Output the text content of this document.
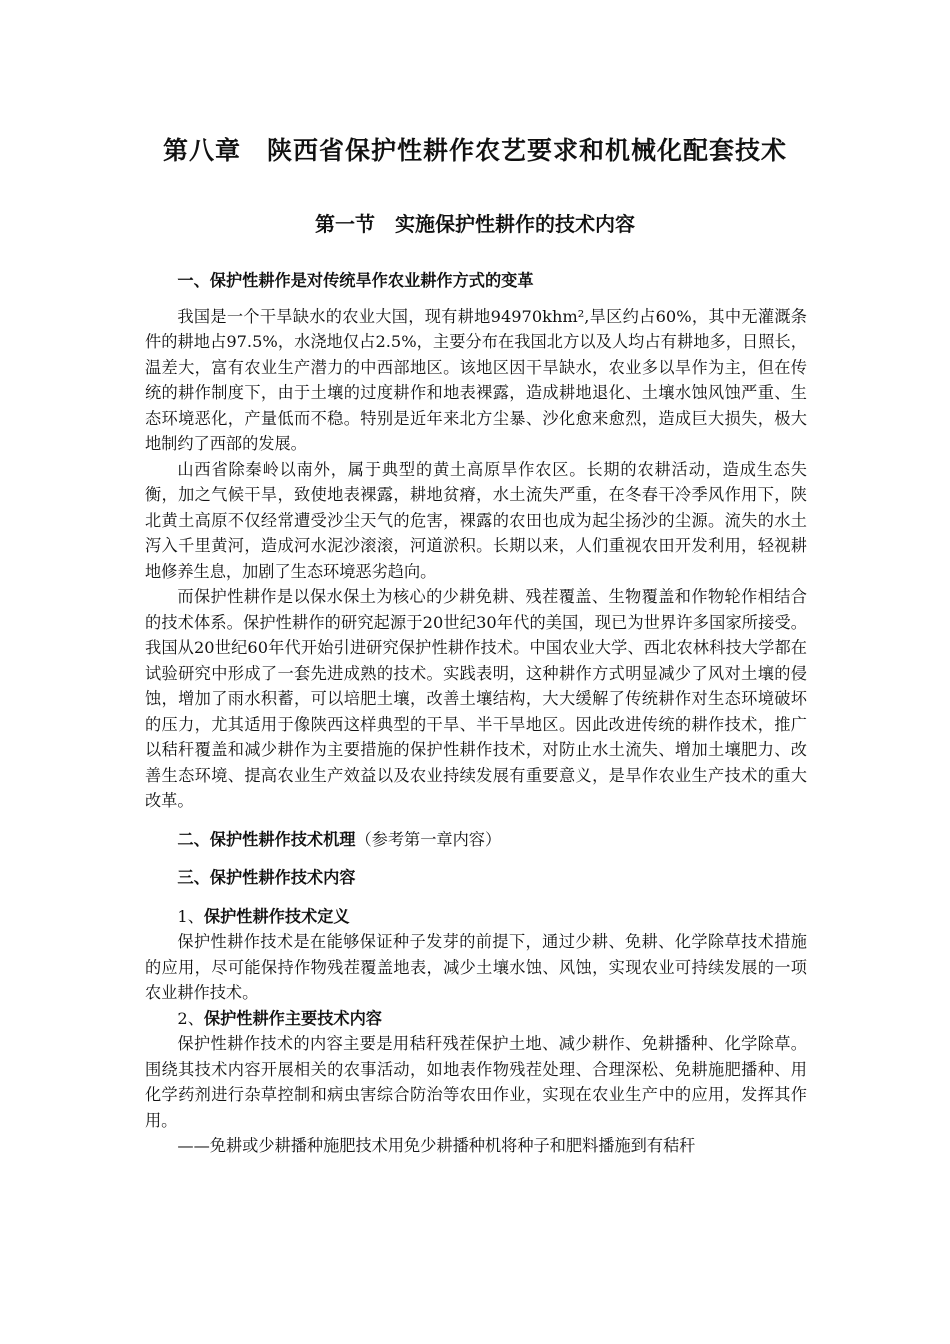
第八章　陕西省保护性耕作农艺要求和机械化配套技术
第一节　实施保护性耕作的技术内容
一、保护性耕作是对传统旱作农业耕作方式的变革

我国是一个干旱缺水的农业大国，现有耕地94970khm²,旱区约占60%，其中无灌溉条件的耕地占97.5%，水浇地仅占2.5%，主要分布在我国北方以及人均占有耕地多，日照长，温差大，富有农业生产潜力的中西部地区。该地区因干旱缺水，农业多以旱作为主，但在传统的耕作制度下，由于土壤的过度耕作和地表裸露，造成耕地退化、土壤水蚀风蚀严重、生态环境恶化，产量低而不稳。特别是近年来北方尘暴、沙化愈来愈烈，造成巨大损失，极大地制约了西部的发展。

山西省除秦岭以南外，属于典型的黄土高原旱作农区。长期的农耕活动，造成生态失衡，加之气候干旱，致使地表裸露，耕地贫瘠，水土流失严重，在冬春干冷季风作用下，陕北黄土高原不仅经常遭受沙尘天气的危害，裸露的农田也成为起尘扬沙的尘源。流失的水土泻入千里黄河，造成河水泥沙滚滚，河道淤积。长期以来，人们重视农田开发利用，轻视耕地修养生息，加剧了生态环境恶劣趋向。

而保护性耕作是以保水保土为核心的少耕免耕、残茬覆盖、生物覆盖和作物轮作相结合的技术体系。保护性耕作的研究起源于20世纪30年代的美国，现已为世界许多国家所接受。我国从20世纪60年代开始引进研究保护性耕作技术。中国农业大学、西北农林科技大学都在试验研究中形成了一套先进成熟的技术。实践表明，这种耕作方式明显减少了风对土壤的侵蚀，增加了雨水积蓄，可以培肥土壤，改善土壤结构，大大缓解了传统耕作对生态环境破坏的压力，尤其适用于像陕西这样典型的干旱、半干旱地区。因此改进传统的耕作技术，推广以秸秆覆盖和减少耕作为主要措施的保护性耕作技术，对防止水土流失、增加土壤肥力、改善生态环境、提高农业生产效益以及农业持续发展有重要意义，是旱作农业生产技术的重大改革。

二、保护性耕作技术机理（参考第一章内容）
三、保护性耕作技术内容
1、保护性耕作技术定义

保护性耕作技术是在能够保证种子发芽的前提下，通过少耕、免耕、化学除草技术措施的应用，尽可能保持作物残茬覆盖地表，减少土壤水蚀、风蚀，实现农业可持续发展的一项农业耕作技术。

2、保护性耕作主要技术内容

保护性耕作技术的内容主要是用秸秆残茬保护土地、减少耕作、免耕播种、化学除草。围绕其技术内容开展相关的农事活动，如地表作物残茬处理、合理深松、免耕施肥播种、用化学药剂进行杂草控制和病虫害综合防治等农田作业，实现在农业生产中的应用，发挥其作用。

——免耕或少耕播种施肥技术用免少耕播种机将种子和肥料播施到有秸秆
